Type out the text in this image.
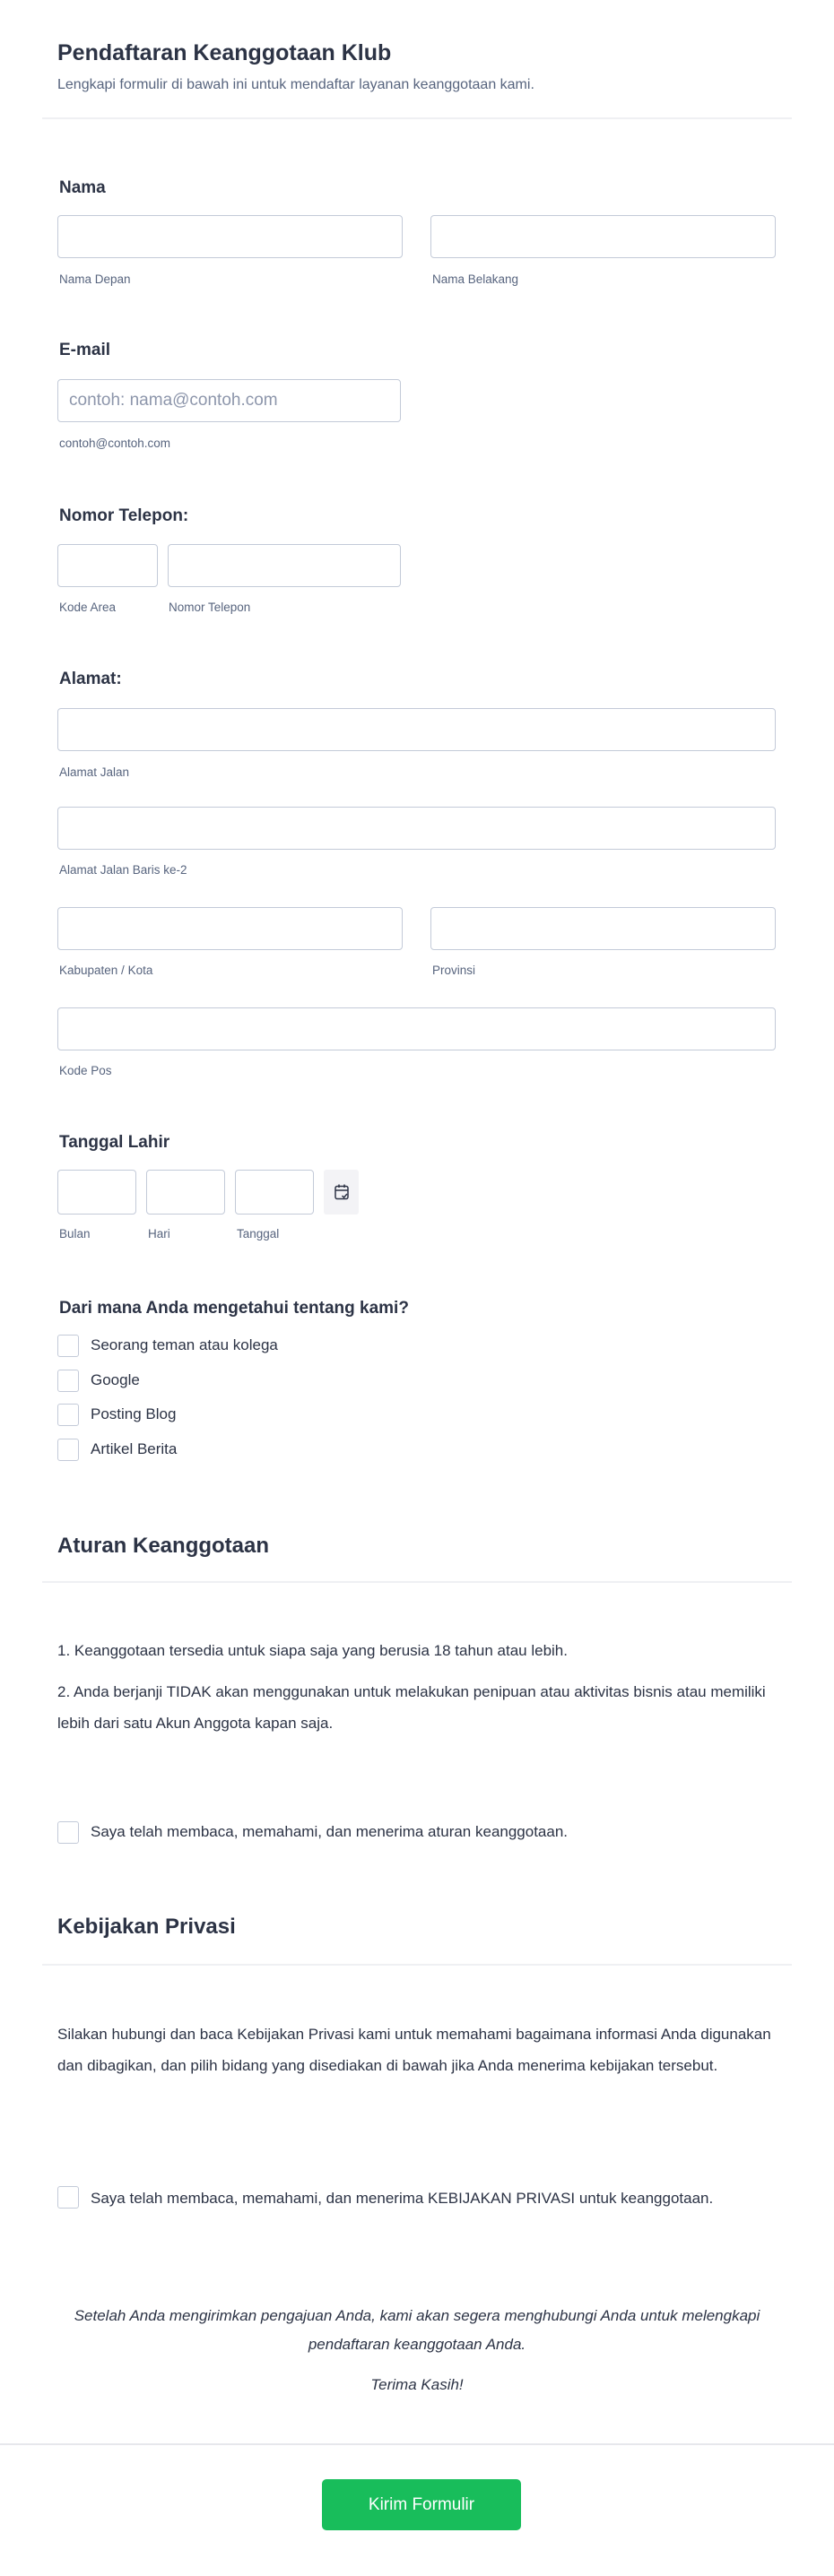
Pendaftaran Keanggotaan Klub
Lengkapi formulir di bawah ini untuk mendaftar layanan keanggotaan kami.
Nama
Nama Depan	Nama Belakang
E-mail
contoh: nama@contoh.com
contoh@contoh.com
Nomor Telepon:
Kode Area	Nomor Telepon
Alamat:
Alamat Jalan
Alamat Jalan Baris ke-2
Kabupaten / Kota	Provinsi
Kode Pos
Tanggal Lahir
Bulan	Hari	Tanggal
Dari mana Anda mengetahui tentang kami?
Seorang teman atau kolega
Google
Posting Blog
Artikel Berita
Aturan Keanggotaan
1. Keanggotaan tersedia untuk siapa saja yang berusia 18 tahun atau lebih.
2. Anda berjanji TIDAK akan menggunakan untuk melakukan penipuan atau aktivitas bisnis atau memiliki lebih dari satu Akun Anggota kapan saja.
Saya telah membaca, memahami, dan menerima aturan keanggotaan.
Kebijakan Privasi
Silakan hubungi dan baca Kebijakan Privasi kami untuk memahami bagaimana informasi Anda digunakan dan dibagikan, dan pilih bidang yang disediakan di bawah jika Anda menerima kebijakan tersebut.
Saya telah membaca, memahami, dan menerima KEBIJAKAN PRIVASI untuk keanggotaan.
Setelah Anda mengirimkan pengajuan Anda, kami akan segera menghubungi Anda untuk melengkapi pendaftaran keanggotaan Anda.
Terima Kasih!
Kirim Formulir
